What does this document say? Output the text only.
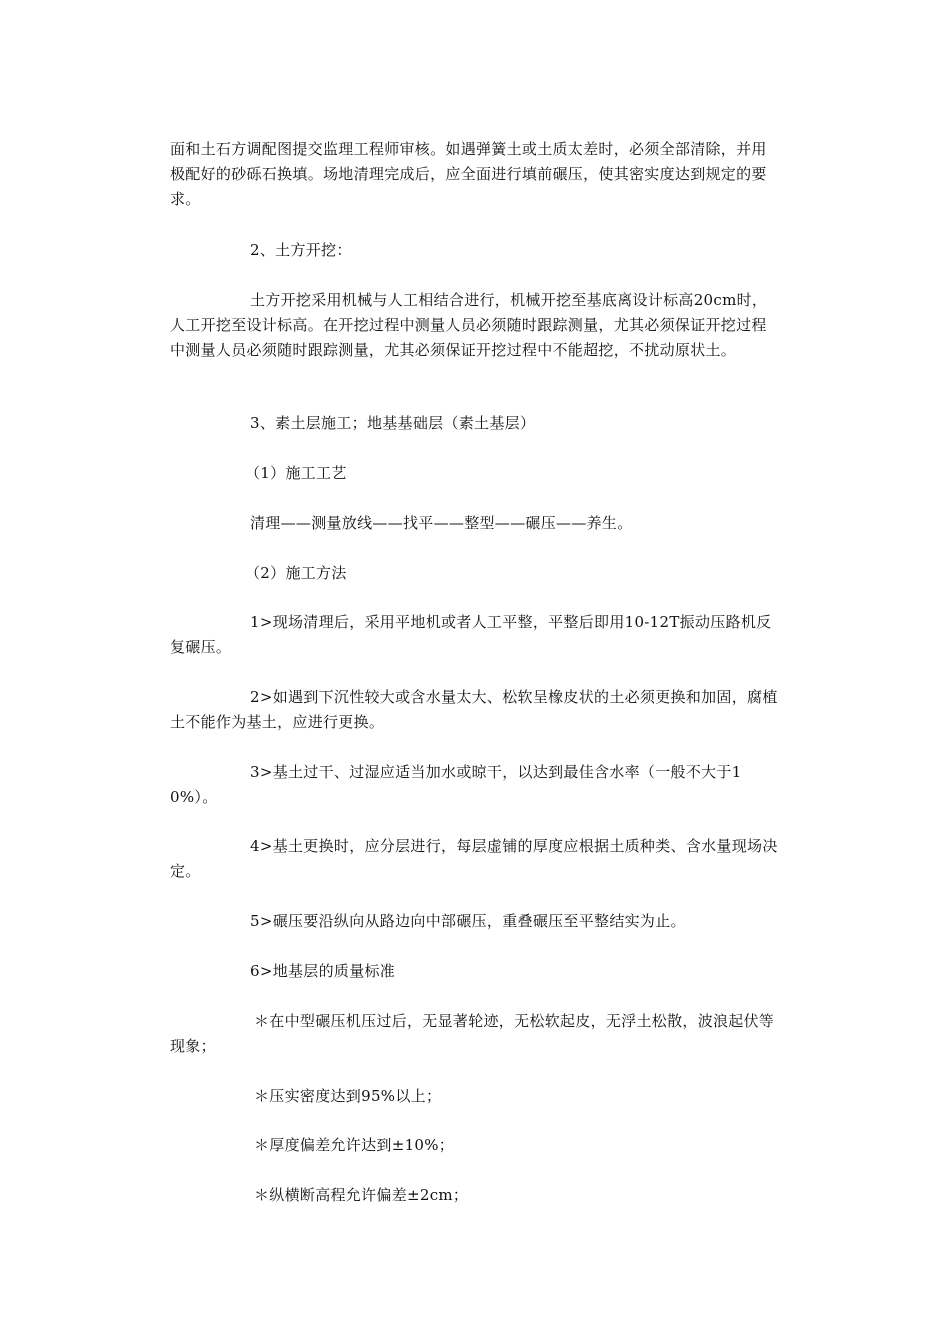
面和土石方调配图提交监理工程师审核。如遇弹簧土或土质太差时，必须全部清除，并用极配好的砂砾石换填。场地清理完成后，应全面进行填前碾压，使其密实度达到规定的要求。

2、土方开挖：

土方开挖采用机械与人工相结合进行，机械开挖至基底离设计标高20cm时，人工开挖至设计标高。在开挖过程中测量人员必须随时跟踪测量，尤其必须保证开挖过程中测量人员必须随时跟踪测量，尤其必须保证开挖过程中不能超挖，不扰动原状土。

3、素土层施工；地基基础层（素土基层）

（1）施工工艺

清理——测量放线——找平——整型——碾压——养生。

（2）施工方法

1>现场清理后，采用平地机或者人工平整，平整后即用10-12T振动压路机反复碾压。

2>如遇到下沉性较大或含水量太大、松软呈橡皮状的土必须更换和加固，腐植土不能作为基土，应进行更换。

3>基土过干、过湿应适当加水或晾干，以达到最佳含水率（一般不大于10%）。

4>基土更换时，应分层进行，每层虚铺的厚度应根据土质种类、含水量现场决定。

5>碾压要沿纵向从路边向中部碾压，重叠碾压至平整结实为止。

6>地基层的质量标准

＊在中型碾压机压过后，无显著轮迹，无松软起皮，无浮土松散，波浪起伏等现象；

＊压实密度达到95%以上；

＊厚度偏差允许达到±10%；

＊纵横断高程允许偏差±2cm；
